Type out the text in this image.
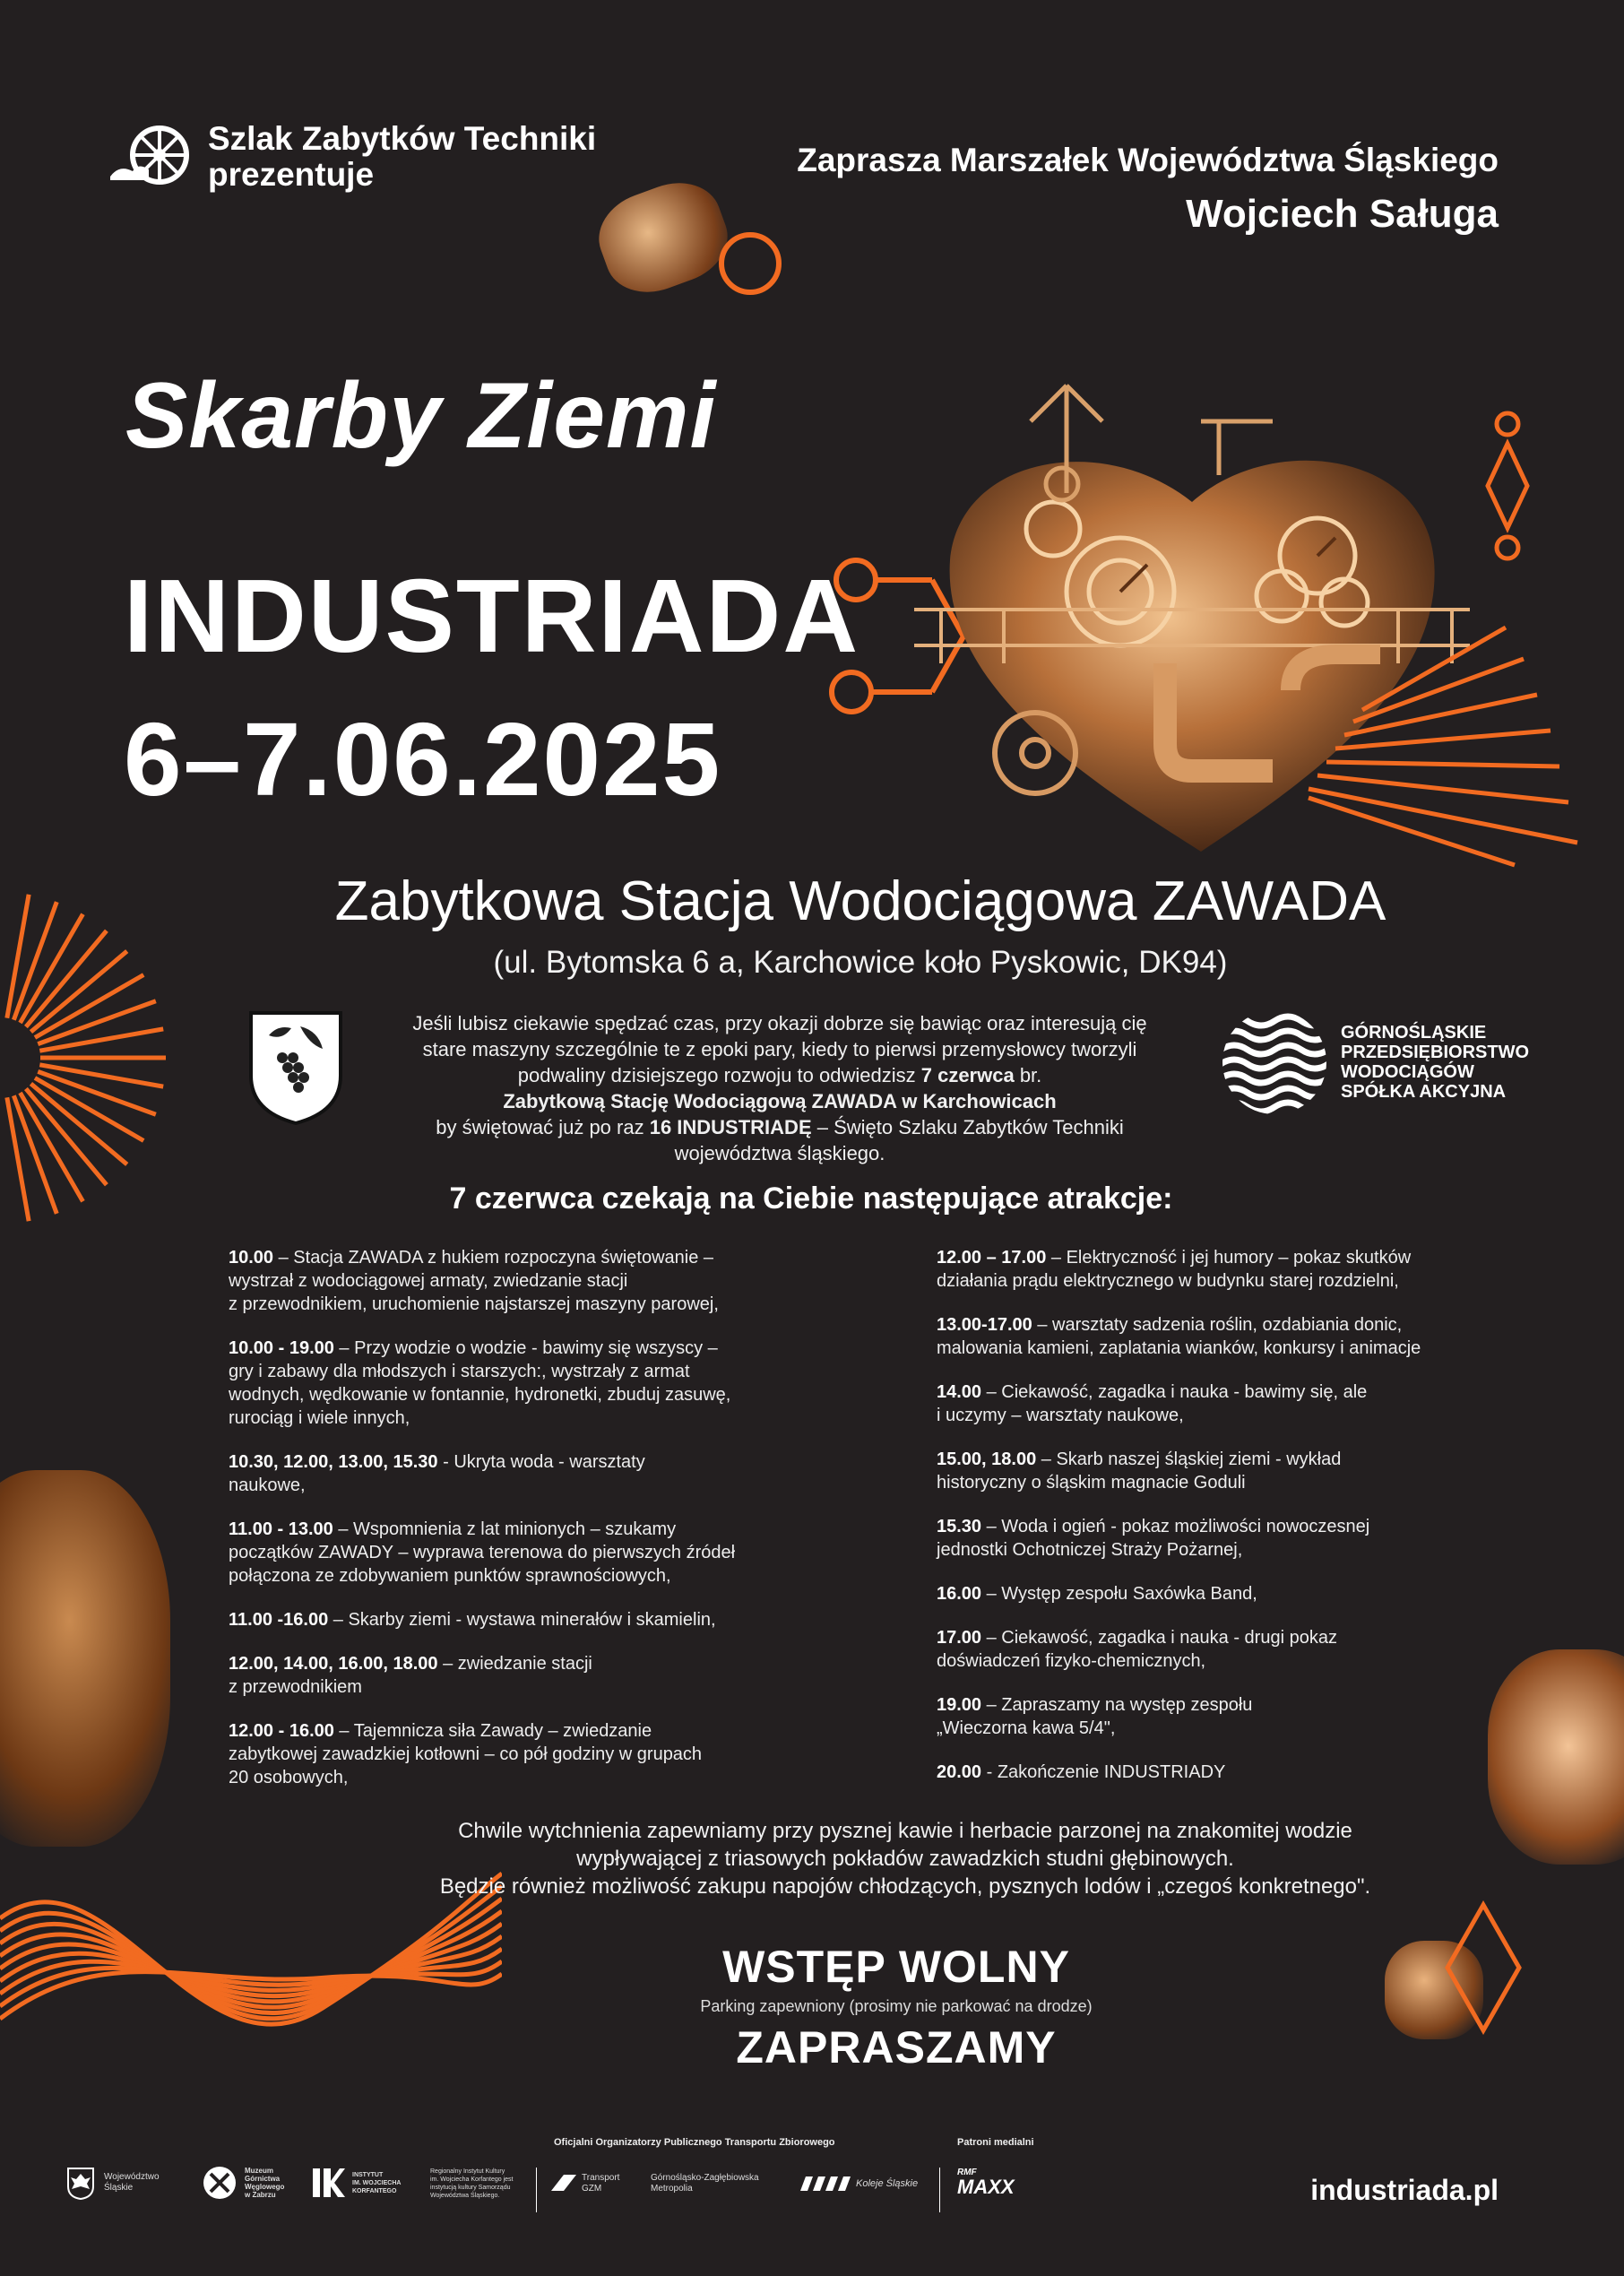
Szlak Zabytków Techniki
prezentuje	Zaprasza Marszałek Województwa Śląskiego
Wojciech Saługa
Skarby Ziemi
INDUSTRIADA
6–7.06.2025
Zabytkowa Stacja Wodociągowa ZAWADA
(ul. Bytomska 6 a, Karchowice koło Pyskowic, DK94)
Jeśli lubisz ciekawie spędzać czas, przy okazji dobrze się bawiąc oraz interesują cię
stare maszyny szczególnie te z epoki pary, kiedy to pierwsi przemysłowcy tworzyli
podwaliny dzisiejszego rozwoju to odwiedzisz 7 czerwca br.
Zabytkową Stację Wodociągową ZAWADA w Karchowicach
by świętować już po raz 16 INDUSTRIADĘ – Święto Szlaku Zabytków Techniki
województwa śląskiego.
GÓRNOŚLĄSKIE
PRZEDSIĘBIORSTWO
WODOCIĄGÓW
SPÓŁKA AKCYJNA
7 czerwca czekają na Ciebie następujące atrakcje:
10.00 – Stacja ZAWADA z hukiem rozpoczyna świętowanie –
wystrzał z wodociągowej armaty, zwiedzanie stacji
z przewodnikiem, uruchomienie najstarszej maszyny parowej,
10.00 - 19.00 – Przy wodzie o wodzie - bawimy się wszyscy –
gry i zabawy dla młodszych i starszych:, wystrzały z armat
wodnych, wędkowanie w fontannie, hydronetki, zbuduj zasuwę,
rurociąg i wiele innych,
10.30, 12.00, 13.00, 15.30 - Ukryta woda - warsztaty
naukowe,
11.00 - 13.00 – Wspomnienia z lat minionych – szukamy
początków ZAWADY – wyprawa terenowa do pierwszych źródeł
połączona ze zdobywaniem punktów sprawnościowych,
11.00 -16.00 – Skarby ziemi - wystawa minerałów i skamielin,
12.00, 14.00, 16.00, 18.00 – zwiedzanie stacji
z przewodnikiem
12.00 - 16.00 – Tajemnicza siła Zawady – zwiedzanie
zabytkowej zawadzkiej kotłowni – co pół godziny w grupach
20 osobowych,
12.00 – 17.00 – Elektryczność i jej humory – pokaz skutków
działania prądu elektrycznego w budynku starej rozdzielni,
13.00-17.00 – warsztaty sadzenia roślin, ozdabiania donic,
malowania kamieni, zaplatania wianków, konkursy i animacje
14.00 – Ciekawość, zagadka i nauka - bawimy się, ale
i uczymy – warsztaty naukowe,
15.00, 18.00 – Skarb naszej śląskiej ziemi - wykład
historyczny o śląskim magnacie Goduli
15.30 – Woda i ogień - pokaz możliwości nowoczesnej
jednostki Ochotniczej Straży Pożarnej,
16.00 – Występ zespołu Saxówka Band,
17.00 – Ciekawość, zagadka i nauka - drugi pokaz
doświadczeń fizyko-chemicznych,
19.00 – Zapraszamy na występ zespołu
„Wieczorna kawa 5/4",
20.00 - Zakończenie INDUSTRIADY
Chwile wytchnienia zapewniamy przy pysznej kawie i herbacie parzonej na znakomitej wodzie
wypływającej z triasowych pokładów zawadzkich studni głębinowych.
Będzie również możliwość zakupu napojów chłodzących, pysznych lodów i „czegoś konkretnego".
WSTĘP WOLNY
Parking zapewniony (prosimy nie parkować na drodze)
ZAPRASZAMY
Województwo
Śląskie
Muzeum
Górnictwa
Węglowego
w Zabrzu
INSTYTUT
IM. WOJCIECHA
KORFANTEGO
Regionalny Instytut Kultury
im. Wojciecha Korfantego jest
instytucją kultury Samorządu
Województwa Śląskiego.
Oficjalni Organizatorzy Publicznego Transportu Zbiorowego
Transport
GZM
Górnośląsko-Zagłębiowska
Metropolia	Koleje Śląskie
Patroni medialni
RMF
MAXX	industriada.pl
